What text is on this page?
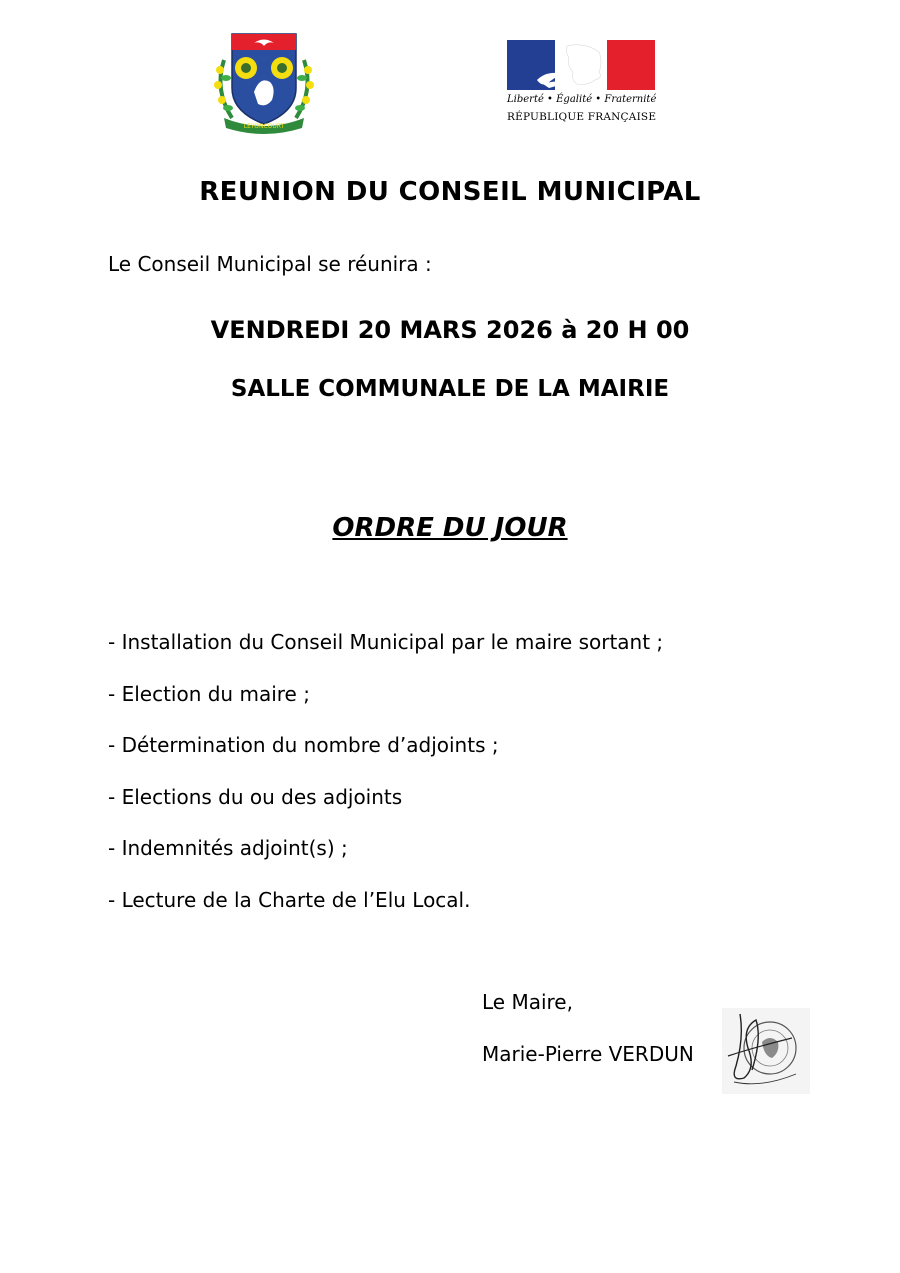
LEYONCOURT
Liberté • Égalité • Fraternité
RÉPUBLIQUE FRANÇAISE
REUNION DU CONSEIL MUNICIPAL
Le Conseil Municipal se réunira :
VENDREDI 20 MARS 2026 à 20 H 00
SALLE COMMUNALE DE LA MAIRIE
ORDRE DU JOUR
- Installation du Conseil Municipal par le maire sortant ;
- Election du maire ;
- Détermination du nombre d’adjoints ;
- Elections du ou des adjoints
- Indemnités adjoint(s) ;
- Lecture de la Charte de l’Elu Local.
Le Maire,
Marie-Pierre VERDUN
